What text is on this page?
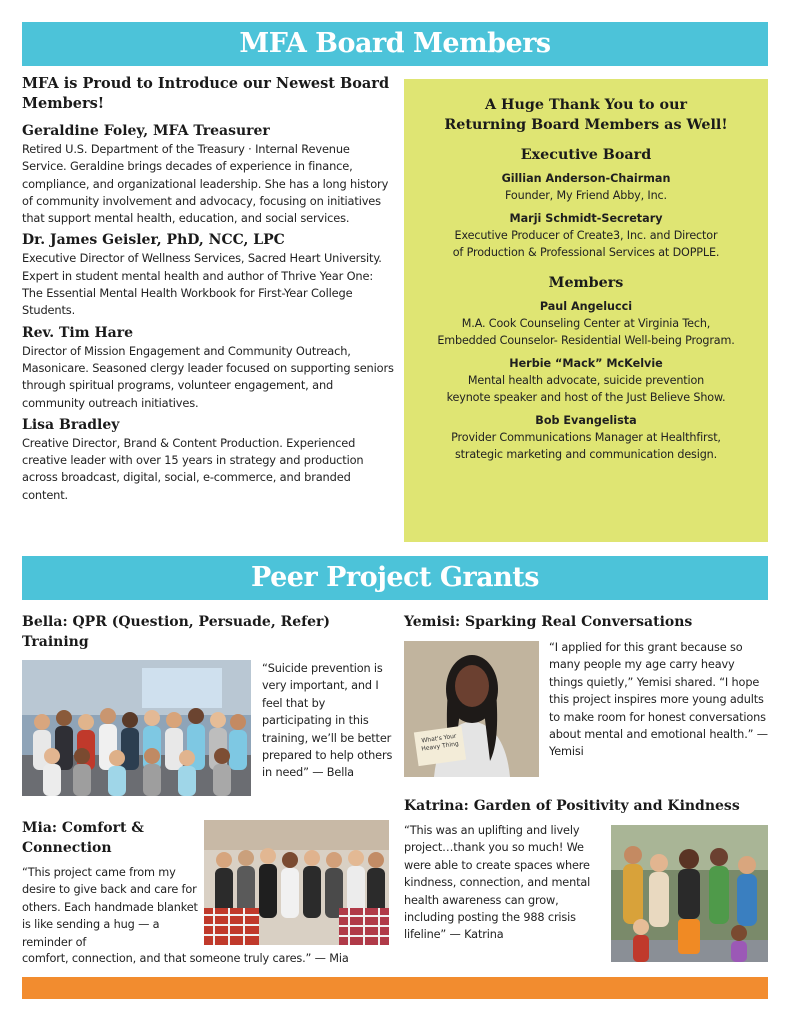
MFA Board Members
MFA is Proud to Introduce our Newest Board Members!
Geraldine Foley, MFA Treasurer
Retired U.S. Department of the Treasury · Internal Revenue Service. Geraldine brings decades of experience in finance, compliance, and organizational leadership. She has a long history of community involvement and advocacy, focusing on initiatives that support mental health, education, and social services.
Dr. James Geisler, PhD, NCC, LPC
Executive Director of Wellness Services, Sacred Heart University. Expert in student mental health and author of Thrive Year One: The Essential Mental Health Workbook for First-Year College Students.
Rev. Tim Hare
Director of Mission Engagement and Community Outreach, Masonicare. Seasoned clergy leader focused on supporting seniors through spiritual programs, volunteer engagement, and community outreach initiatives.
Lisa Bradley
Creative Director, Brand & Content Production. Experienced creative leader with over 15 years in strategy and production across broadcast, digital, social, e-commerce, and branded content.
A Huge Thank You to our
Returning Board Members as Well!
Executive Board
Gillian Anderson-Chairman
Founder, My Friend Abby, Inc.
Marji Schmidt-Secretary
Executive Producer of Create3, Inc. and Director
of Production & Professional Services at DOPPLE.
Members
Paul Angelucci
M.A. Cook Counseling Center at Virginia Tech,
Embedded Counselor- Residential Well-being Program.
Herbie “Mack” McKelvie
Mental health advocate, suicide prevention
keynote speaker and host of the Just Believe Show.
Bob Evangelista
Provider Communications Manager at Healthfirst,
strategic marketing and communication design.
Peer Project Grants
Bella: QPR (Question, Persuade, Refer)
Training
“Suicide prevention is very important, and I feel that by participating in this training, we’ll be better prepared to help others in need” — Bella
Yemisi: Sparking Real Conversations
What's Your Heavy Thing
“I applied for this grant because so many people my age carry heavy things quietly,” Yemisi shared. “I hope this project inspires more young adults to make room for honest conversations about mental and emotional health.” — Yemisi
Mia: Comfort &
Connection
“This project came from my desire to give back and care for others. Each handmade blanket is like sending a hug — a reminder of
comfort, connection, and that someone truly cares.” — Mia
Katrina: Garden of Positivity and Kindness
“This was an uplifting and lively project…thank you so much! We were able to create spaces where kindness, connection, and mental health awareness can grow, including posting the 988 crisis lifeline” — Katrina
